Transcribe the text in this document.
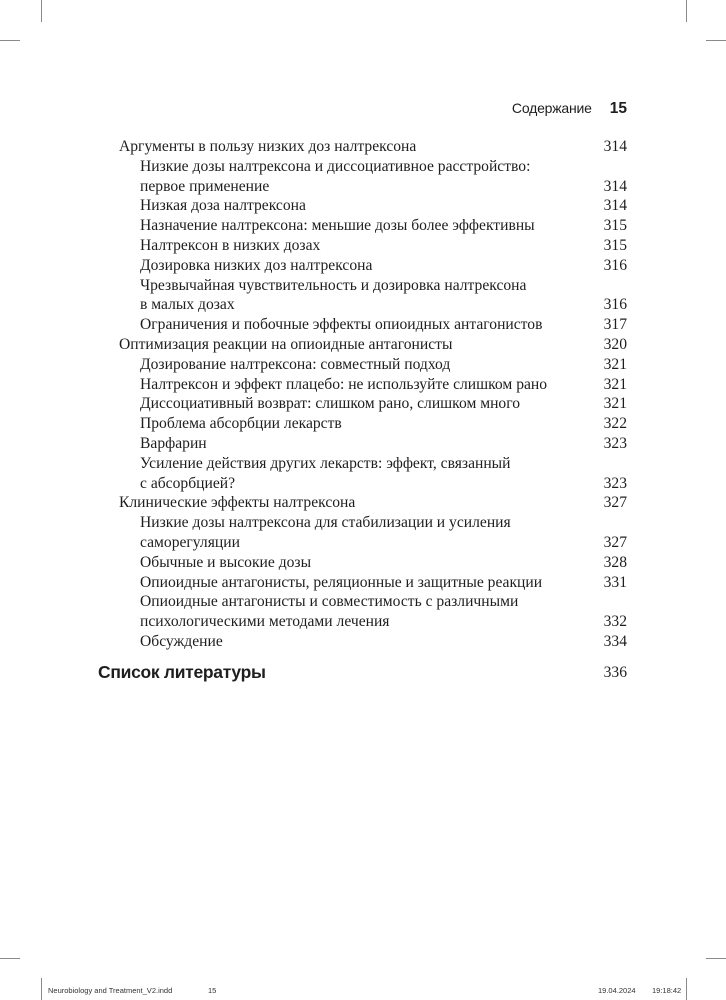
Содержание 15
Аргументы в пользу низких доз налтрексона	314
Низкие дозы налтрексона и диссоциативное расстройство:
первое применение	314
Низкая доза налтрексона	314
Назначение налтрексона: меньшие дозы более эффективны	315
Налтрексон в низких дозах	315
Дозировка низких доз налтрексона	316
Чрезвычайная чувствительность и дозировка налтрексона
в малых дозах	316
Ограничения и побочные эффекты опиоидных антагонистов	317
Оптимизация реакции на опиоидные антагонисты	320
Дозирование налтрексона: совместный подход	321
Налтрексон и эффект плацебо: не используйте слишком рано	321
Диссоциативный возврат: слишком рано, слишком много	321
Проблема абсорбции лекарств	322
Варфарин	323
Усиление действия других лекарств: эффект, связанный
с абсорбцией?	323
Клинические эффекты налтрексона	327
Низкие дозы налтрексона для стабилизации и усиления
саморегуляции	327
Обычные и высокие дозы	328
Опиоидные антагонисты, реляционные и защитные реакции	331
Опиоидные антагонисты и совместимость с различными
психологическими методами лечения	332
Обсуждение	334
Список литературы	336
Neurobiology and Treatment_V2.indd	15	19.04.2024 19:18:42
